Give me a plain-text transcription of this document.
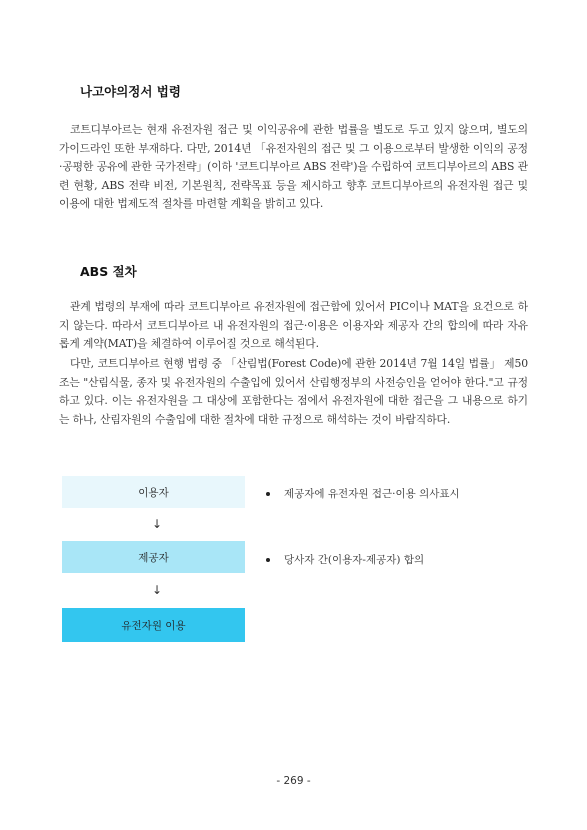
나고야의정서 법령

코트디부아르는 현재 유전자원 접근 및 이익공유에 관한 법률을 별도로 두고 있지 않으며, 별도의 가이드라인 또한 부재하다. 다만, 2014년 「유전자원의 접근 및 그 이용으로부터 발생한 이익의 공정·공평한 공유에 관한 국가전략」(이하 '코트디부아르 ABS 전략')을 수립하여 코트디부아르의 ABS 관련 현황, ABS 전략 비전, 기본원칙, 전략목표 등을 제시하고 향후 코트디부아르의 유전자원 접근 및 이용에 대한 법제도적 절차를 마련할 계획을 밝히고 있다.

ABS 절차

관계 법령의 부재에 따라 코트디부아르 유전자원에 접근함에 있어서 PIC이나 MAT을 요건으로 하지 않는다. 따라서 코트디부아르 내 유전자원의 접근·이용은 이용자와 제공자 간의 합의에 따라 자유롭게 계약(MAT)을 체결하여 이루어질 것으로 해석된다.

다만, 코트디부아르 현행 법령 중 「산림법(Forest Code)에 관한 2014년 7월 14일 법률」 제50조는 "산림식물, 종자 및 유전자원의 수출입에 있어서 산림행정부의 사전승인을 얻어야 한다."고 규정하고 있다. 이는 유전자원을 그 대상에 포함한다는 점에서 유전자원에 대한 접근을 그 내용으로 하기는 하나, 산림자원의 수출입에 대한 절차에 대한 규정으로 해석하는 것이 바람직하다.

이용자
↓
제공자
↓
유전자원 이용
제공자에 유전자원 접근·이용 의사표시
당사자 간(이용자-제공자) 합의
- 269 -
